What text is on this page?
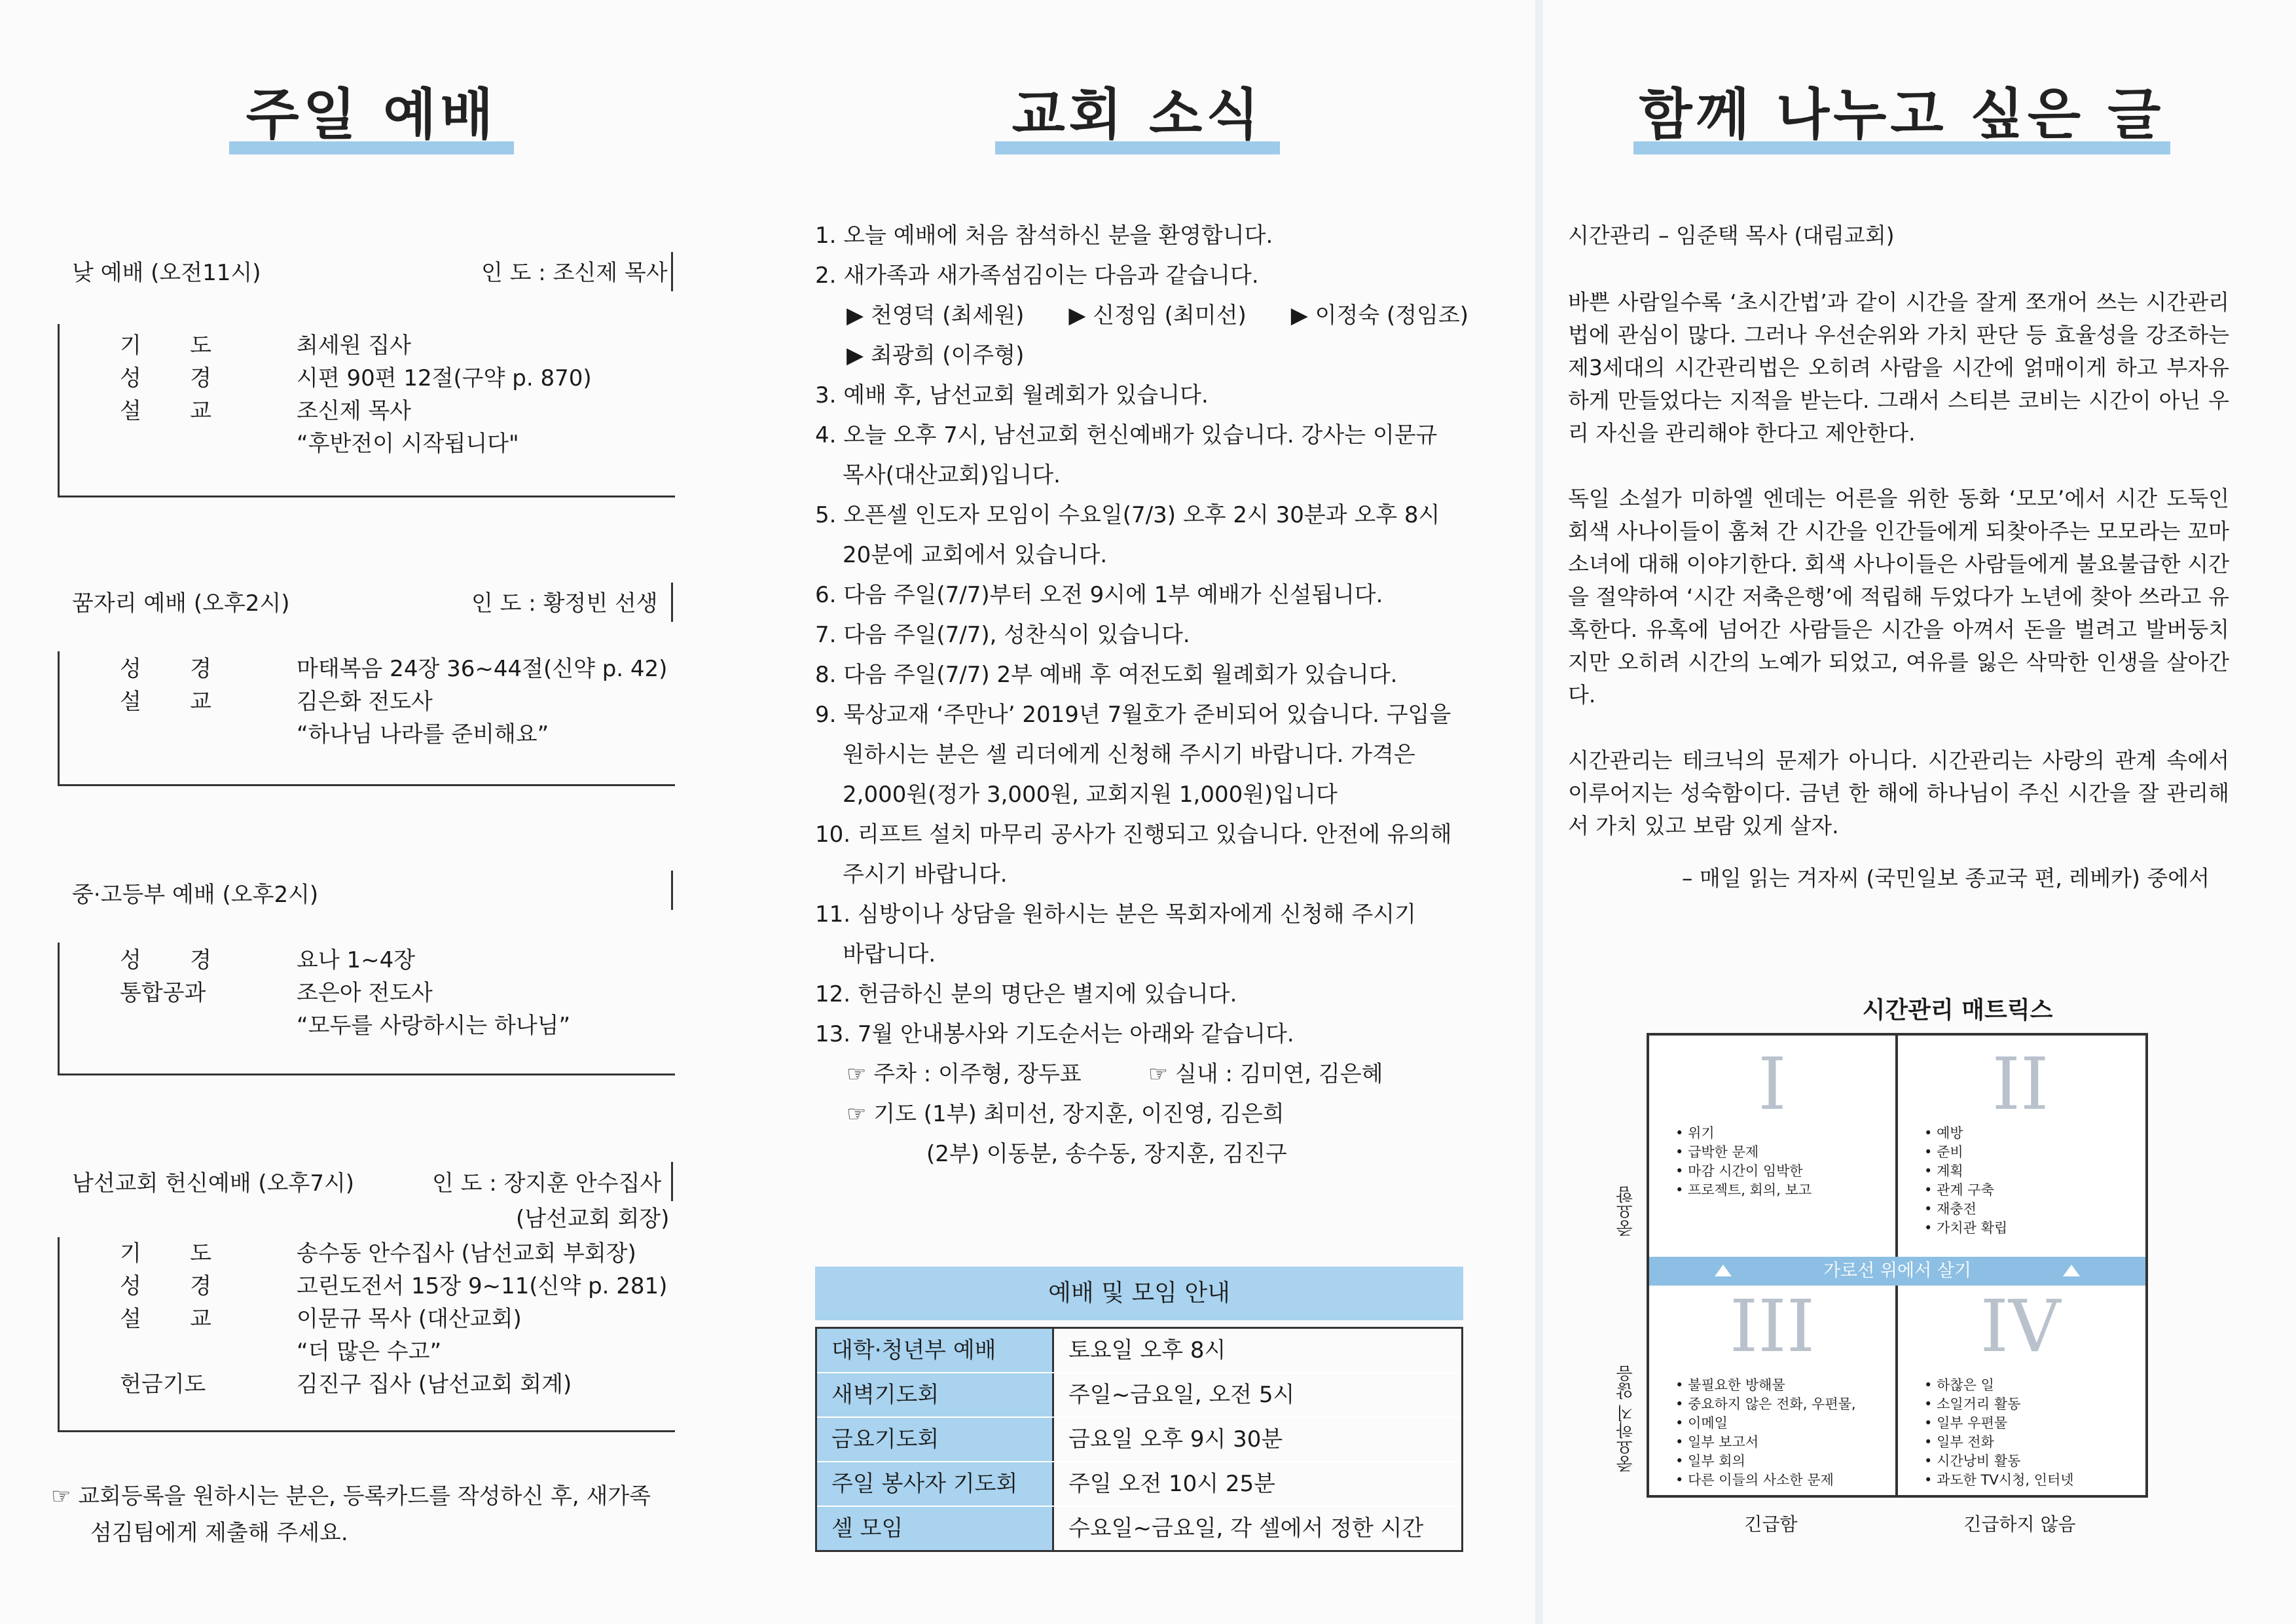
주일 예배
낮 예배 (오전11시)	인 도 : 조신제 목사
기 도	최세원 집사
성 경	시편 90편 12절(구약 p. 870)
설 교	조신제 목사
“후반전이 시작됩니다"
꿈자리 예배 (오후2시)	인 도 : 황정빈 선생
성 경	마태복음 24장 36~44절(신약 p. 42)
설 교	김은화 전도사
“하나님 나라를 준비해요”
중·고등부 예배 (오후2시)
성 경	요나 1~4장
통합공과	조은아 전도사
“모두를 사랑하시는 하나님”
남선교회 헌신예배 (오후7시)	인 도 : 장지훈 안수집사
(남선교회 회장)
기 도	송수동 안수집사 (남선교회 부회장)
성 경	고린도전서 15장 9~11(신약 p. 281)
설 교	이문규 목사 (대산교회)
“더 많은 수고”
헌금기도	김진구 집사 (남선교회 회계)
☞ 교회등록을 원하시는 분은, 등록카드를 작성하신 후, 새가족
섬김팀에게 제출해 주세요.
교회 소식
1. 오늘 예배에 처음 참석하신 분을 환영합니다.
2. 새가족과 새가족섬김이는 다음과 같습니다.
▶ 천영덕 (최세원)　　▶ 신정임 (최미선)　　▶ 이정숙 (정임조)
▶ 최광희 (이주형)
3. 예배 후, 남선교회 월례회가 있습니다.
4. 오늘 오후 7시, 남선교회 헌신예배가 있습니다. 강사는 이문규
목사(대산교회)입니다.
5. 오픈셀 인도자 모임이 수요일(7/3) 오후 2시 30분과 오후 8시
20분에 교회에서 있습니다.
6. 다음 주일(7/7)부터 오전 9시에 1부 예배가 신설됩니다.
7. 다음 주일(7/7), 성찬식이 있습니다.
8. 다음 주일(7/7) 2부 예배 후 여전도회 월례회가 있습니다.
9. 묵상교재 ‘주만나’ 2019년 7월호가 준비되어 있습니다. 구입을
원하시는 분은 셀 리더에게 신청해 주시기 바랍니다. 가격은
2,000원(정가 3,000원, 교회지원 1,000원)입니다
10. 리프트 설치 마무리 공사가 진행되고 있습니다. 안전에 유의해
주시기 바랍니다.
11. 심방이나 상담을 원하시는 분은 목회자에게 신청해 주시기
바랍니다.
12. 헌금하신 분의 명단은 별지에 있습니다.
13. 7월 안내봉사와 기도순서는 아래와 같습니다.
☞ 주차 : 이주형, 장두표　　　☞ 실내 : 김미연, 김은혜
☞ 기도 (1부) 최미선, 장지훈, 이진영, 김은희
(2부) 이동분, 송수동, 장지훈, 김진구
예배 및 모임 안내
대학·청년부 예배	토요일 오후 8시
새벽기도회	주일~금요일, 오전 5시
금요기도회	금요일 오후 9시 30분
주일 봉사자 기도회	주일 오전 10시 25분
셀 모임	수요일~금요일, 각 셀에서 정한 시간
함께 나누고 싶은 글

시간관리 – 임준택 목사 (대림교회)

바쁜 사람일수록 ‘초시간법’과 같이 시간을 잘게 쪼개어 쓰는 시간관리법에 관심이 많다. 그러나 우선순위와 가치 판단 등 효율성을 강조하는 제3세대의 시간관리법은 오히려 사람을 시간에 얽매이게 하고 부자유하게 만들었다는 지적을 받는다. 그래서 스티븐 코비는 시간이 아닌 우리 자신을 관리해야 한다고 제안한다.

독일 소설가 미하엘 엔데는 어른을 위한 동화 ‘모모’에서 시간 도둑인 회색 사나이들이 훔쳐 간 시간을 인간들에게 되찾아주는 모모라는 꼬마 소녀에 대해 이야기한다. 회색 사나이들은 사람들에게 불요불급한 시간을 절약하여 ‘시간 저축은행’에 적립해 두었다가 노년에 찾아 쓰라고 유혹한다. 유혹에 넘어간 사람들은 시간을 아껴서 돈을 벌려고 발버둥치지만 오히려 시간의 노예가 되었고, 여유를 잃은 삭막한 인생을 살아간다.

시간관리는 테크닉의 문제가 아니다. 시간관리는 사랑의 관계 속에서 이루어지는 성숙함이다. 금년 한 해에 하나님이 주신 시간을 잘 관리해서 가치 있고 보람 있게 살자.

– 매일 읽는 겨자씨 (국민일보 종교국 편, 레베카) 중에서

시간관리 매트릭스
중요함
중요하지 않음
I
• 위기
• 급박한 문제
• 마감 시간이 임박한
• 프로젝트, 회의, 보고
II
• 예방
• 준비
• 계획
• 관계 구축
• 재충전
• 가치관 확립
가로선 위에서 살기
III
• 불필요한 방해물
• 중요하지 않은 전화, 우편물,
• 이메일
• 일부 보고서
• 일부 회의
• 다른 이들의 사소한 문제
IV
• 하찮은 일
• 소일거리 활동
• 일부 우편물
• 일부 전화
• 시간낭비 활동
• 과도한 TV시청, 인터넷
긴급함	긴급하지 않음
